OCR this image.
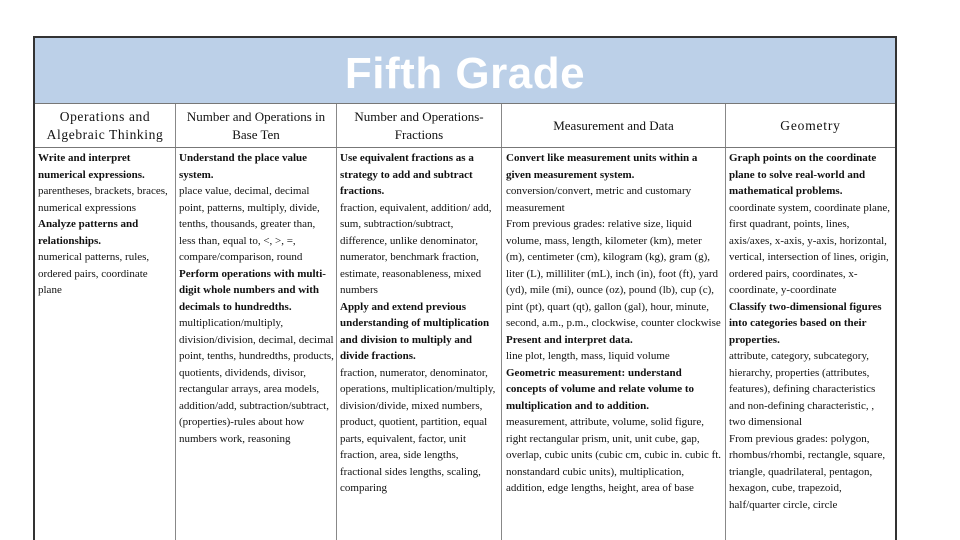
Fifth Grade
Operations and Algebraic Thinking
Number and Operations in Base Ten
Number and Operations- Fractions
Measurement and Data	Geometry
Write and interpret numerical expressions.
parentheses, brackets, braces, numerical expressions
Analyze patterns and relationships.
numerical patterns, rules, ordered pairs, coordinate plane
Understand the place value system.
place value, decimal, decimal point, patterns, multiply, divide, tenths, thousands, greater than, less than, equal to, <, >, =, compare/comparison, round
Perform operations with multi-digit whole numbers and with decimals to hundredths.
multiplication/multiply, division/division, decimal, decimal point, tenths, hundredths, products, quotients, dividends, divisor, rectangular arrays, area models, addition/add, subtraction/subtract, (properties)-rules about how numbers work, reasoning
Use equivalent fractions as a strategy to add and subtract fractions.
fraction, equivalent, addition/ add, sum, subtraction/subtract, difference, unlike denominator, numerator, benchmark fraction, estimate, reasonableness, mixed numbers
Apply and extend previous understanding of multiplication and division to multiply and divide fractions.
fraction, numerator, denominator, operations, multiplication/multiply, division/divide, mixed numbers, product, quotient, partition, equal parts, equivalent, factor, unit fraction, area, side lengths, fractional sides lengths, scaling, comparing
Convert like measurement units within a given measurement system.
conversion/convert, metric and customary measurement
From previous grades: relative size, liquid volume, mass, length, kilometer (km), meter (m), centimeter (cm), kilogram (kg), gram (g), liter (L), milliliter (mL), inch (in), foot (ft), yard (yd), mile (mi), ounce (oz), pound (lb), cup (c), pint (pt), quart (qt), gallon (gal), hour, minute, second, a.m., p.m., clockwise, counter clockwise
Present and interpret data.
line plot, length, mass, liquid volume
Geometric measurement: understand concepts of volume and relate volume to multiplication and to addition.
measurement, attribute, volume, solid figure, right rectangular prism, unit, unit cube, gap, overlap, cubic units (cubic cm, cubic in. cubic ft. nonstandard cubic units), multiplication, addition, edge lengths, height, area of base
Graph points on the coordinate plane to solve real-world and mathematical problems.
coordinate system, coordinate plane, first quadrant, points, lines, axis/axes, x-axis, y-axis, horizontal, vertical, intersection of lines, origin, ordered pairs, coordinates, x-coordinate, y-coordinate
Classify two-dimensional figures into categories based on their properties.
attribute, category, subcategory, hierarchy, properties (attributes, features), defining characteristics and non-defining characteristic, , two dimensional
From previous grades: polygon, rhombus/rhombi, rectangle, square, triangle, quadrilateral, pentagon, hexagon, cube, trapezoid, half/quarter circle, circle
